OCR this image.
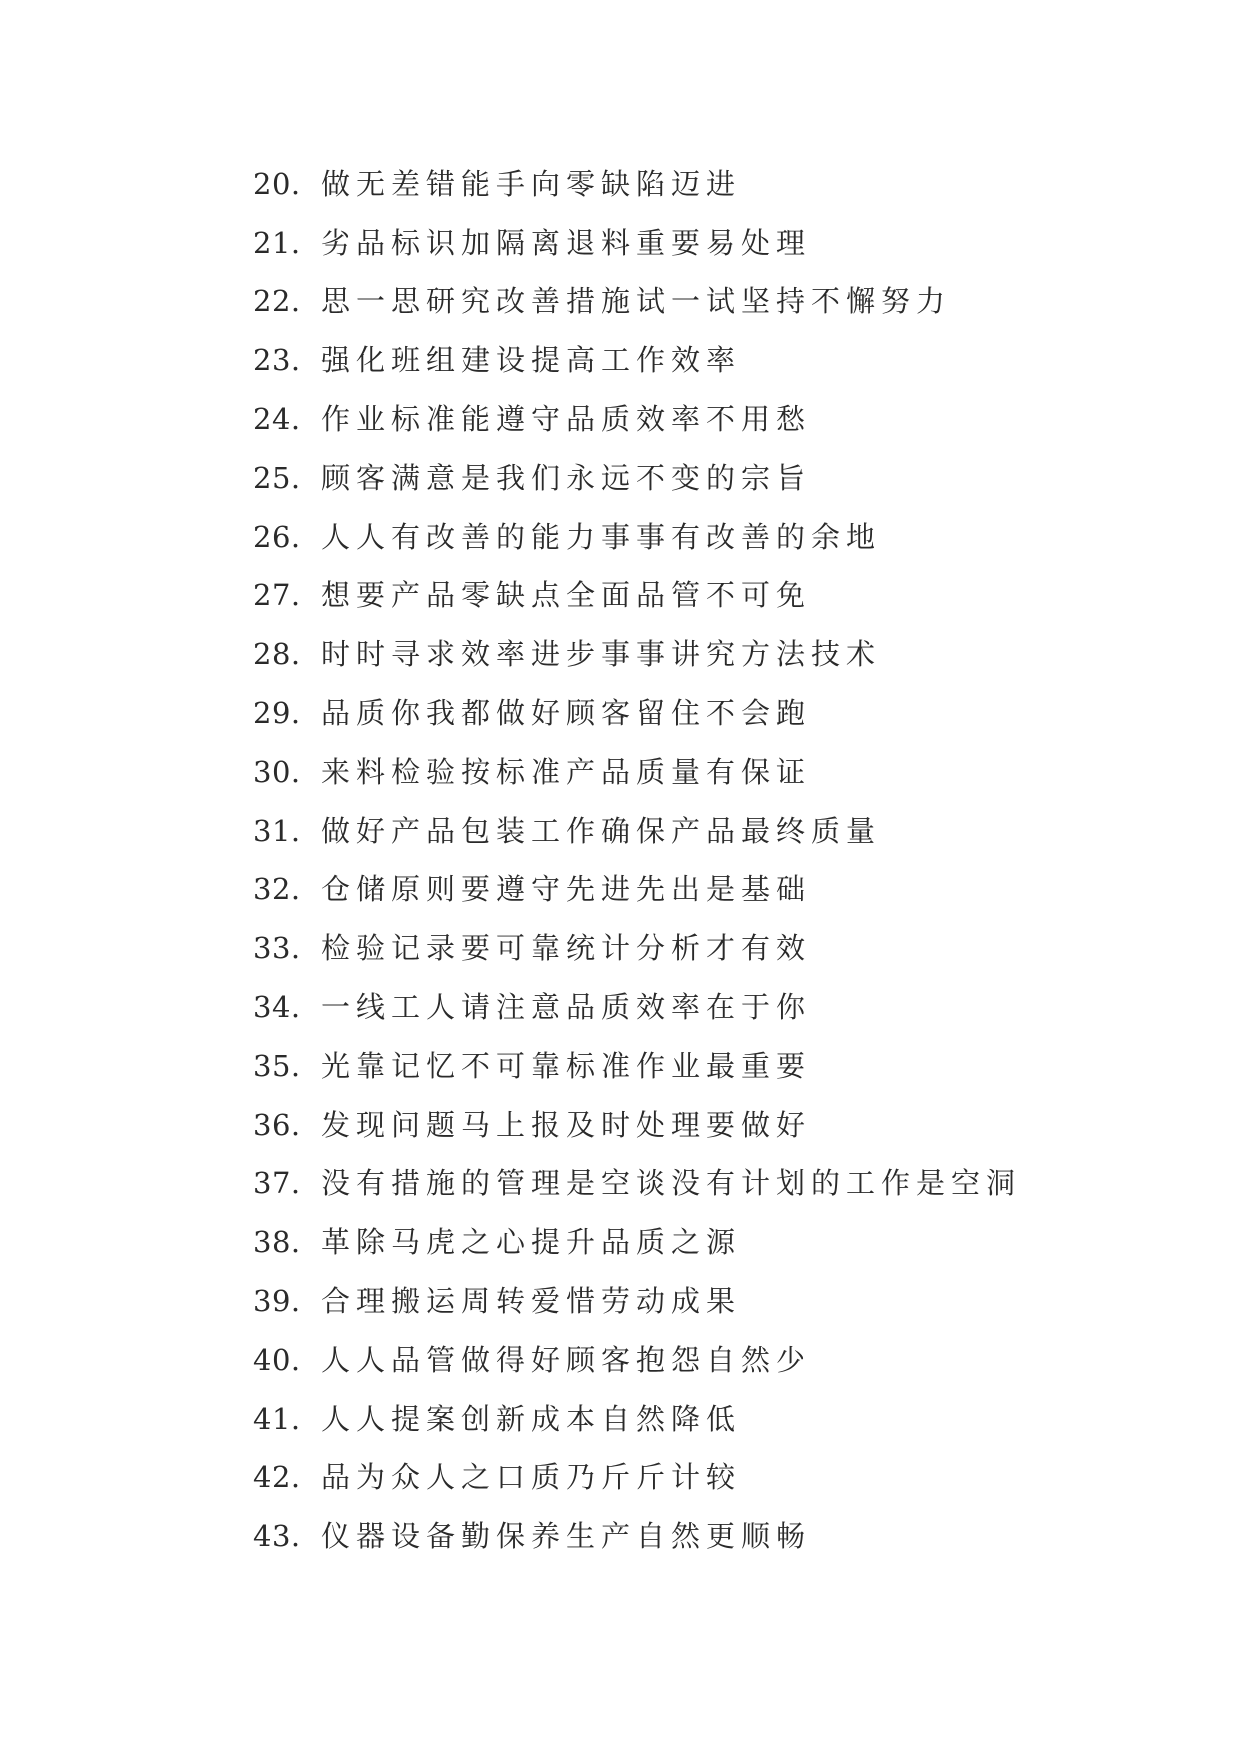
20. 做无差错能手向零缺陷迈进
21. 劣品标识加隔离退料重要易处理
22. 思一思研究改善措施试一试坚持不懈努力
23. 强化班组建设提高工作效率
24. 作业标准能遵守品质效率不用愁
25. 顾客满意是我们永远不变的宗旨
26. 人人有改善的能力事事有改善的余地
27. 想要产品零缺点全面品管不可免
28. 时时寻求效率进步事事讲究方法技术
29. 品质你我都做好顾客留住不会跑
30. 来料检验按标准产品质量有保证
31. 做好产品包装工作确保产品最终质量
32. 仓储原则要遵守先进先出是基础
33. 检验记录要可靠统计分析才有效
34. 一线工人请注意品质效率在于你
35. 光靠记忆不可靠标准作业最重要
36. 发现问题马上报及时处理要做好
37. 没有措施的管理是空谈没有计划的工作是空洞
38. 革除马虎之心提升品质之源
39. 合理搬运周转爱惜劳动成果
40. 人人品管做得好顾客抱怨自然少
41. 人人提案创新成本自然降低
42. 品为众人之口质乃斤斤计较
43. 仪器设备勤保养生产自然更顺畅
